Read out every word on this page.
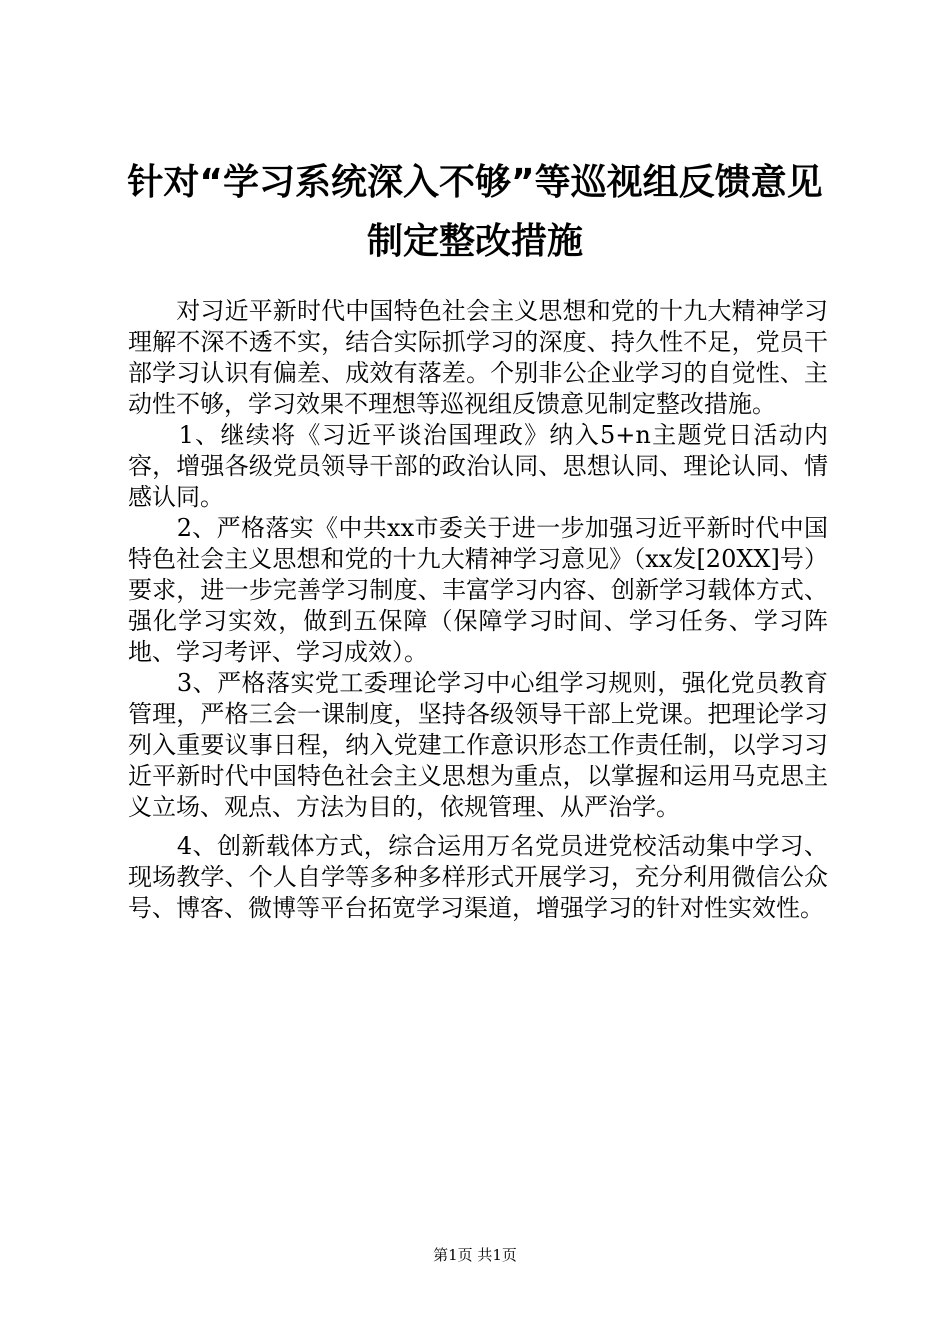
针对“学习系统深入不够”等巡视组反馈意见
制定整改措施

　　对习近平新时代中国特色社会主义思想和党的十九大精神学习理解不深不透不实，结合实际抓学习的深度、持久性不足，党员干部学习认识有偏差、成效有落差。个别非公企业学习的自觉性、主动性不够，学习效果不理想等巡视组反馈意见制定整改措施。

　　1、继续将《习近平谈治国理政》纳入5+n主题党日活动内容，增强各级党员领导干部的政治认同、思想认同、理论认同、情感认同。

　　2、严格落实《中共xx市委关于进一步加强习近平新时代中国特色社会主义思想和党的十九大精神学习意见》（xx发[20XX]号）要求，进一步完善学习制度、丰富学习内容、创新学习载体方式、强化学习实效，做到五保障（保障学习时间、学习任务、学习阵地、学习考评、学习成效）。

　　3、严格落实党工委理论学习中心组学习规则，强化党员教育管理，严格三会一课制度，坚持各级领导干部上党课。把理论学习列入重要议事日程，纳入党建工作意识形态工作责任制，以学习习近平新时代中国特色社会主义思想为重点，以掌握和运用马克思主义立场、观点、方法为目的，依规管理、从严治学。

　　4、创新载体方式，综合运用万名党员进党校活动集中学习、现场教学、个人自学等多种多样形式开展学习，充分利用微信公众号、博客、微博等平台拓宽学习渠道，增强学习的针对性实效性。

第1页 共1页
